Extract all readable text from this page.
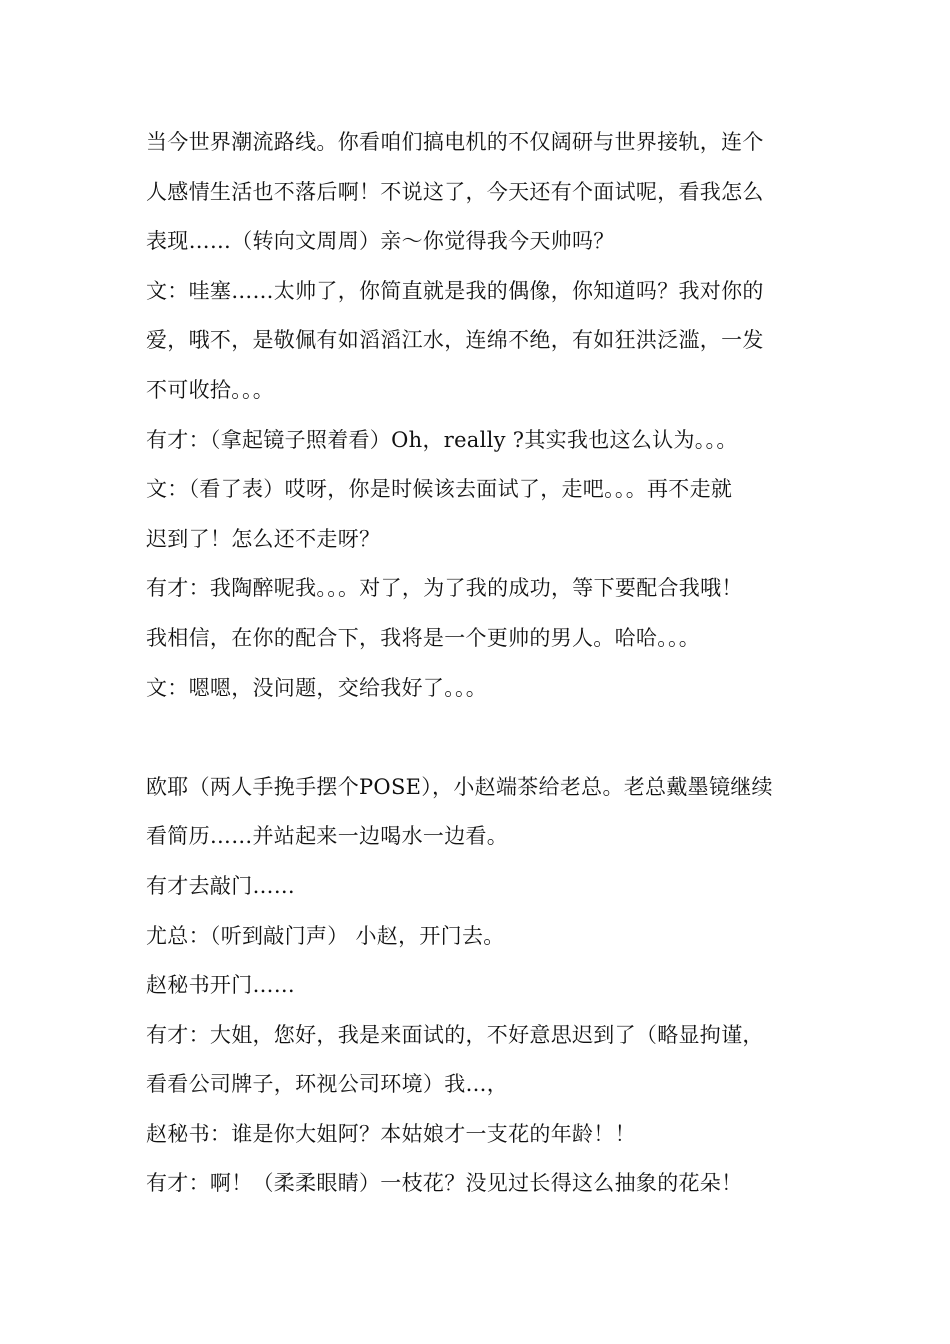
当今世界潮流路线。你看咱们搞电机的不仅阔研与世界接轨，连个
人感情生活也不落后啊！不说这了，今天还有个面试呢，看我怎么
表现……（转向文周周）亲～你觉得我今天帅吗？
文：哇塞……太帅了，你简直就是我的偶像，你知道吗？我对你的
爱，哦不，是敬佩有如滔滔江水，连绵不绝，有如狂洪泛滥，一发
不可收拾。。。
有才：（拿起镜子照着看）Oh，really ?其实我也这么认为。。。
文：（看了表）哎呀，你是时候该去面试了，走吧。。。再不走就
迟到了！怎么还不走呀？
有才：我陶醉呢我。。。对了，为了我的成功，等下要配合我哦！
我相信，在你的配合下，我将是一个更帅的男人。哈哈。。。
文：嗯嗯，没问题，交给我好了。。。
欧耶（两人手挽手摆个POSE），小赵端茶给老总。老总戴墨镜继续
看简历……并站起来一边喝水一边看。
有才去敲门……
尤总：（听到敲门声） 小赵，开门去。
赵秘书开门……
有才：大姐，您好，我是来面试的，不好意思迟到了（略显拘谨，
看看公司牌子，环视公司环境）我…，
赵秘书：谁是你大姐阿？本姑娘才一支花的年龄！！
有才：啊！（柔柔眼睛）一枝花？没见过长得这么抽象的花朵！
